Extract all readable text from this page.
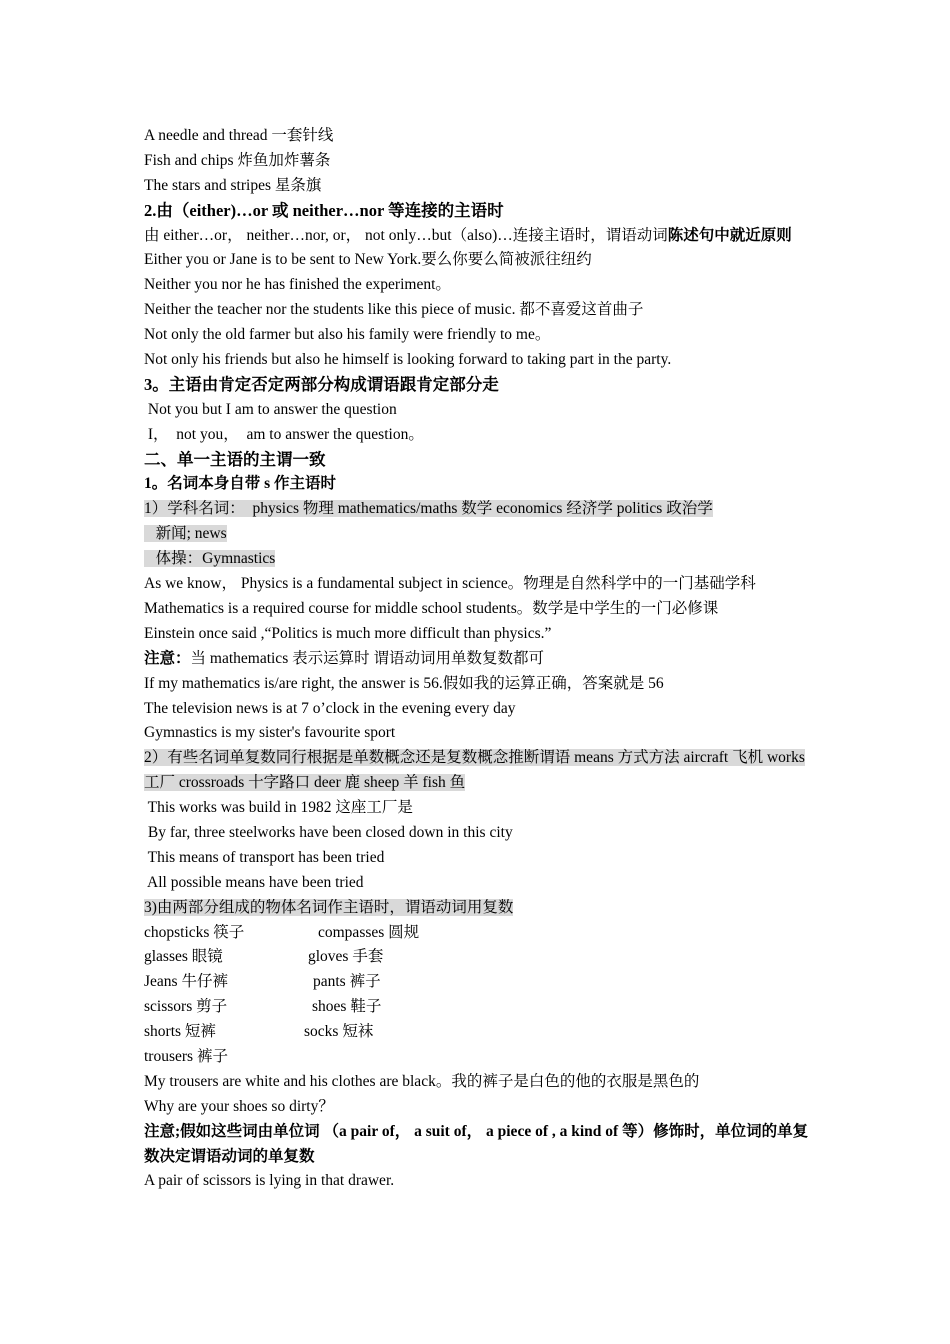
A needle and thread 一套针线
Fish and chips 炸鱼加炸薯条
The stars and stripes 星条旗
2.由（either)…or 或 neither…nor 等连接的主语时
由 either…or， neither…nor, or， not only…but（also)…连接主语时，谓语动词陈述句中就近原则
Either you or Jane is to be sent to New York.要么你要么简被派往纽约
Neither you nor he has finished the experiment。
Neither the teacher nor the students like this piece of music. 都不喜爱这首曲子
Not only the old farmer but also his family were friendly to me。
Not only his friends but also he himself is looking forward to taking part in the party.
3。主语由肯定否定两部分构成谓语跟肯定部分走
Not you but I am to answer the question
I，  not you，  am to answer the question。
二、单一主语的主谓一致
1。名词本身自带 s 作主语时
1）学科名词：  physics 物理 mathematics/maths 数学 economics 经济学 politics 政治学
新闻; news
体操：Gymnastics
As we know， Physics is a fundamental subject in science。物理是自然科学中的一门基础学科
Mathematics is a required course for middle school students。数学是中学生的一门必修课
Einstein once said ,“Politics is much more difficult than physics.”
注意：当 mathematics 表示运算时 谓语动词用单数复数都可
If my mathematics is/are right, the answer is 56.假如我的运算正确，答案就是 56
The television news is at 7 o’clock in the evening every day
Gymnastics is my sister's favourite sport
2）有些名词单复数同行根据是单数概念还是复数概念推断谓语 means 方式方法 aircraft 飞机 works 工厂 crossroads 十字路口 deer 鹿 sheep 羊 fish 鱼
This works was build in 1982 这座工厂是
By far, three steelworks have been closed down in this city
This means of transport has been tried
All possible means have been tried
3)由两部分组成的物体名词作主语时，谓语动词用复数
chopsticks 筷子	compasses 圆规
glasses 眼镜	gloves 手套
Jeans 牛仔裤	pants 裤子
scissors 剪子	shoes 鞋子
shorts 短裤	socks 短袜
trousers 裤子
My trousers are white and his clothes are black。我的裤子是白色的他的衣服是黑色的
Why are your shoes so dirty？
注意;假如这些词由单位词 （a pair of， a suit of， a piece of , a kind of 等）修饰时，单位词的单复数决定谓语动词的单复数
A pair of scissors is lying in that drawer.
